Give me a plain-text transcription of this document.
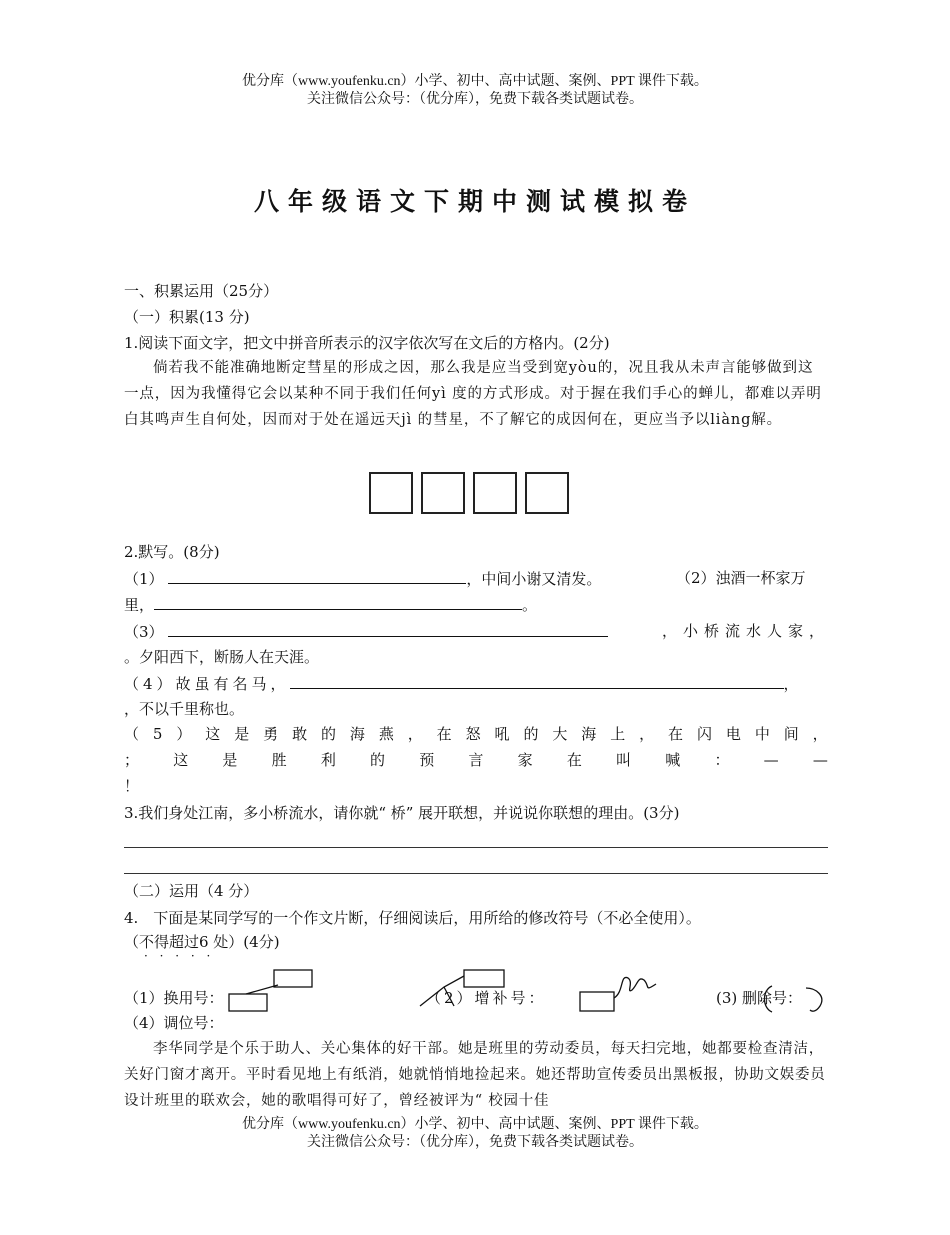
优分库（www.youfenku.cn）小学、初中、高中试题、案例、PPT 课件下载。
关注微信公众号：（优分库），免费下载各类试题试卷。
八年级语文下期中测试模拟卷
一、积累运用（25分）
（一）积累(13 分)
1.阅读下面文字，把文中拼音所表示的汉字依次写在文后的方格内。(2分)

倘若我不能准确地断定彗星的形成之因，那么我是应当受到宽yòu的，况且我从未声言能够做到这一点，因为我懂得它会以某种不同于我们任何yì 度的方式形成。对于握在我们手心的蝉儿，都难以弄明白其鸣声生自何处，因而对于处在遥远天jì 的彗星，不了解它的成因何在，更应当予以liàng解。

2.默写。(8分)
（1）	，中间小谢又清发。	（2）浊酒一杯家万
里，	。
（3）	，小桥流水人家，
。夕阳西下，断肠人在天涯。
（4）故虽有名马，	，
，不以千里称也。
（ 5 ） 这 是 勇 敢 的 海 燕 ， 在 怒 吼 的 大 海 上 ， 在 闪 电 中 间 ，
； 这 是 胜 利 的 预 言 家 在 叫 喊 ： — —
！
3.我们身处江南，多小桥流水，请你就“ 桥” 展开联想，并说说你联想的理由。(3分)
（二）运用（4 分）
4.　下面是某同学写的一个作文片断，仔细阅读后，用所给的修改符号（不必全使用）。
（不得超过6 处）(4分)
· · · · ·
（1）换用号：	（2）增补号：	(3) 删除号：
（4）调位号：

李华同学是个乐于助人、关心集体的好干部。她是班里的劳动委员，每天扫完地，她都要检查清洁，关好门窗才离开。平时看见地上有纸消，她就悄悄地捡起来。她还帮助宣传委员出黑板报，协助文娱委员设计班里的联欢会，她的歌唱得可好了，曾经被评为“ 校园十佳

优分库（www.youfenku.cn）小学、初中、高中试题、案例、PPT 课件下载。
关注微信公众号：（优分库），免费下载各类试题试卷。
